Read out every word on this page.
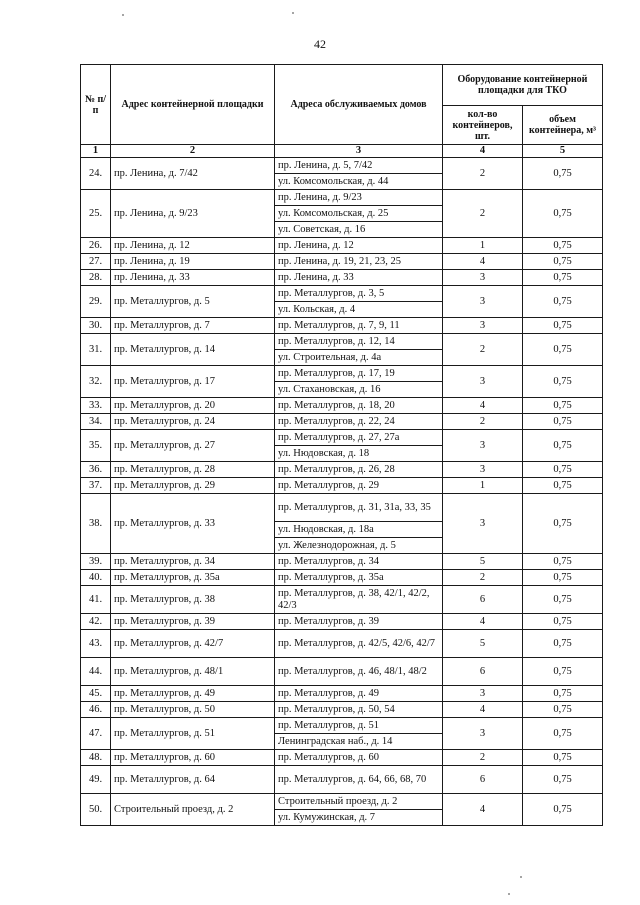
42
№ п/ п	Адрес контейнерной площадки	Адреса обслуживаемых домов	Оборудование контейнерной площадки для ТКО	
			кол-во контейнеров, шт.	объем контейнера, м³
1	2	3	4	5
24.	пр. Ленина, д. 7/42	пр. Ленина, д. 5, 7/42	2	0,75
		ул. Комсомольская, д. 44		
25.	пр. Ленина, д. 9/23	пр. Ленина, д. 9/23	2	0,75
		ул. Комсомольская, д. 25		
		ул. Советская, д. 16		
26.	пр. Ленина, д. 12	пр. Ленина, д. 12	1	0,75
27.	пр. Ленина, д. 19	пр. Ленина, д. 19, 21, 23, 25	4	0,75
28.	пр. Ленина, д. 33	пр. Ленина, д. 33	3	0,75
29.	пр. Металлургов, д. 5	пр. Металлургов, д. 3, 5	3	0,75
		ул. Кольская, д. 4		
30.	пр. Металлургов, д. 7	пр. Металлургов, д. 7, 9, 11	3	0,75
31.	пр. Металлургов, д. 14	пр. Металлургов, д. 12, 14	2	0,75
		ул. Строительная, д. 4а		
32.	пр. Металлургов, д. 17	пр. Металлургов, д. 17, 19	3	0,75
		ул. Стахановская, д. 16		
33.	пр. Металлургов, д. 20	пр. Металлургов, д. 18, 20	4	0,75
34.	пр. Металлургов, д. 24	пр. Металлургов, д. 22, 24	2	0,75
35.	пр. Металлургов, д. 27	пр. Металлургов, д. 27, 27а	3	0,75
		ул. Нюдовская, д. 18		
36.	пр. Металлургов, д. 28	пр. Металлургов, д. 26, 28	3	0,75
37.	пр. Металлургов, д. 29	пр. Металлургов, д. 29	1	0,75
38.	пр. Металлургов, д. 33	пр. Металлургов, д. 31, 31а, 33, 35	3	0,75
		ул. Нюдовская, д. 18а		
		ул. Железнодорожная, д. 5		
39.	пр. Металлургов, д. 34	пр. Металлургов, д. 34	5	0,75
40.	пр. Металлургов, д. 35а	пр. Металлургов, д. 35а	2	0,75
41.	пр. Металлургов, д. 38	пр. Металлургов, д. 38, 42/1, 42/2, 42/3	6	0,75
42.	пр. Металлургов, д. 39	пр. Металлургов, д. 39	4	0,75
43.	пр. Металлургов, д. 42/7	пр. Металлургов, д. 42/5, 42/6, 42/7	5	0,75
44.	пр. Металлургов, д. 48/1	пр. Металлургов, д. 46, 48/1, 48/2	6	0,75
45.	пр. Металлургов, д. 49	пр. Металлургов, д. 49	3	0,75
46.	пр. Металлургов, д. 50	пр. Металлургов, д. 50, 54	4	0,75
47.	пр. Металлургов, д. 51	пр. Металлургов, д. 51	3	0,75
		Ленинградская наб., д. 14		
48.	пр. Металлургов, д. 60	пр. Металлургов, д. 60	2	0,75
49.	пр. Металлургов, д. 64	пр. Металлургов, д. 64, 66, 68, 70	6	0,75
50.	Строительный проезд, д. 2	Строительный проезд, д. 2	4	0,75
		ул. Кумужинская, д. 7		
